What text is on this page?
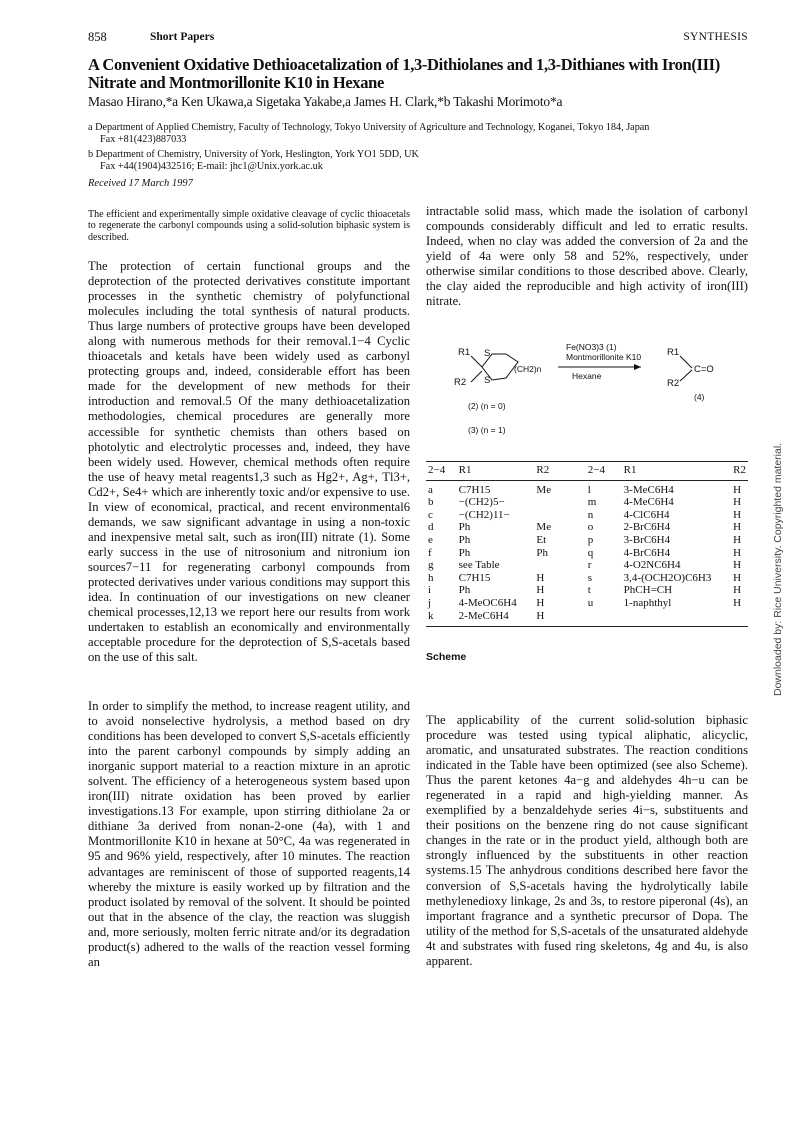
858	Short Papers	SYNTHESIS
A Convenient Oxidative Dethioacetalization of 1,3-Dithiolanes and 1,3-Dithianes with Iron(III) Nitrate and Montmorillonite K10 in Hexane
Masao Hirano,*a Ken Ukawa,a Sigetaka Yakabe,a James H. Clark,*b Takashi Morimoto*a
a Department of Applied Chemistry, Faculty of Technology, Tokyo University of Agriculture and Technology, Koganei, Tokyo 184, Japan
Fax +81(423)887033
b Department of Chemistry, University of York, Heslington, York YO1 5DD, UK
Fax +44(1904)432516; E-mail: jhc1@Unix.york.ac.uk
Received 17 March 1997
The efficient and experimentally simple oxidative cleavage of cyclic thioacetals to regenerate the carbonyl compounds using a solid-solution biphasic system is described.
The protection of certain functional groups and the deprotection of the protected derivatives constitute important processes in the synthetic chemistry of polyfunctional molecules including the total synthesis of natural products. Thus large numbers of protective groups have been developed along with numerous methods for their removal.1−4 Cyclic thioacetals and ketals have been widely used as carbonyl protecting groups and, indeed, considerable effort has been made for the development of new methods for their introduction and removal.5 Of the many dethioacetalization methodologies, chemical procedures are generally more accessible for synthetic chemists than others based on photolytic and electrolytic processes and, indeed, they have been widely used. However, chemical methods often require the use of heavy metal reagents1,3 such as Hg2+, Ag+, Tl3+, Cd2+, Se4+ which are inherently toxic and/or expensive to use. In view of economical, practical, and recent environmental6 demands, we saw significant advantage in using a non-toxic and inexpensive metal salt, such as iron(III) nitrate (1). Some early success in the use of nitrosonium and nitronium ion sources7−11 for regenerating carbonyl compounds from protected derivatives under various conditions may support this idea. In continuation of our investigations on new cleaner chemical processes,12,13 we report here our results from work undertaken to establish an economically and environmentally acceptable procedure for the deprotection of S,S-acetals based on the use of this salt.
In order to simplify the method, to increase reagent utility, and to avoid nonselective hydrolysis, a method based on dry conditions has been developed to convert S,S-acetals efficiently into the parent carbonyl compounds by simply adding an inorganic support material to a reaction mixture in an aprotic solvent. The efficiency of a heterogeneous system based upon iron(III) nitrate oxidation has been proved by earlier investigations.13 For example, upon stirring dithiolane 2a or dithiane 3a derived from nonan-2-one (4a), with 1 and Montmorillonite K10 in hexane at 50°C, 4a was regenerated in 95 and 96% yield, respectively, after 10 minutes. The reaction advantages are reminiscent of those of supported reagents,14 whereby the mixture is easily worked up by filtration and the product isolated by removal of the solvent. It should be pointed out that in the absence of the clay, the reaction was sluggish and, more seriously, molten ferric nitrate and/or its degradation product(s) adhered to the walls of the reaction vessel forming an
intractable solid mass, which made the isolation of carbonyl compounds considerably difficult and led to erratic results. Indeed, when no clay was added the conversion of 2a and the yield of 4a were only 58 and 52%, respectively, under otherwise similar conditions to those described above. Clearly, the clay aided the reproducible and high activity of iron(III) nitrate.
The applicability of the current solid-solution biphasic procedure was tested using typical aliphatic, alicyclic, aromatic, and unsaturated substrates. The reaction conditions indicated in the Table have been optimized (see also Scheme). Thus the parent ketones 4a−g and aldehydes 4h−u can be regenerated in a rapid and high-yielding manner. As exemplified by a benzaldehyde series 4i−s, substituents and their positions on the benzene ring do not cause significant changes in the rate or in the product yield, although both are strongly influenced by the substituents in other reaction systems.15 The anhydrous conditions described here favor the conversion of S,S-acetals having the hydrolytically labile methylenedioxy linkage, 2s and 3s, to restore piperonal (4s), an important fragrance and a synthetic precursor of Dopa. The utility of the method for S,S-acetals of the unsaturated aldehyde 4t and substrates with fused ring skeletons, 4g and 4u, is also apparent.
R1
R2
S
S
(CH2)n
Fe(NO3)3 (1)
Montmorillonite K10
Hexane
R1
R2
C=O
(4)
(2) (n = 0)
(3) (n = 1)
2−4	R1	R2	2−4	R1	R2
a	C7H15	Me	l	3-MeC6H4	H
b	−(CH2)5−		m	4-MeC6H4	H
c	−(CH2)11−		n	4-ClC6H4	H
d	Ph	Me	o	2-BrC6H4	H
e	Ph	Et	p	3-BrC6H4	H
f	Ph	Ph	q	4-BrC6H4	H
g	see Table		r	4-O2NC6H4	H
h	C7H15	H	s	3,4-(OCH2O)C6H3	H
i	Ph	H	t	PhCH=CH	H
j	4-MeOC6H4	H	u	1-naphthyl	H
k	2-MeC6H4	H			
Scheme	Downloaded by: Rice University. Copyrighted material.
